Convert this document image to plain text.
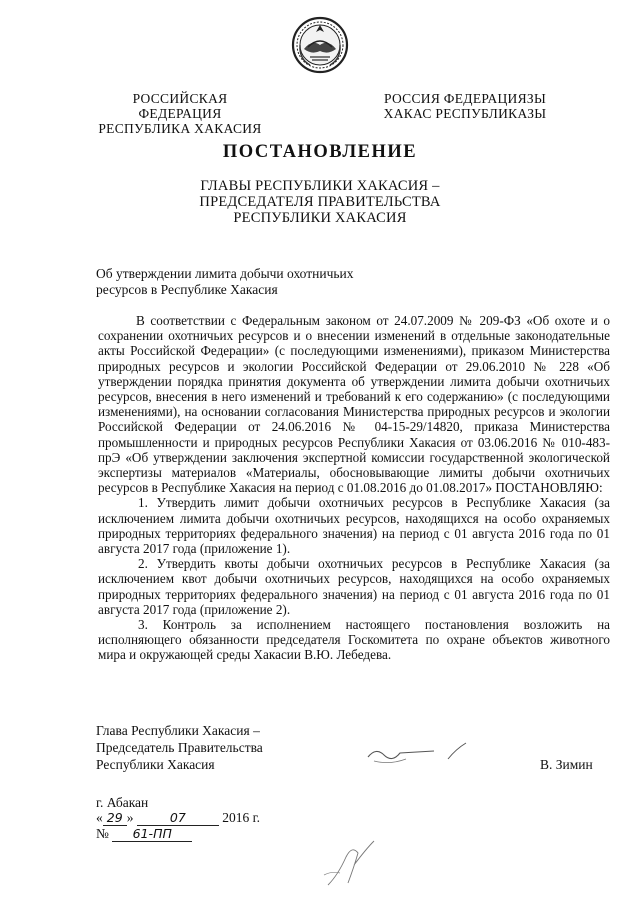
РОССИЙСКАЯ ФЕДЕРАЦИЯ
РЕСПУБЛИКА ХАКАСИЯ
РОССИЯ ФЕДЕРАЦИЯЗЫ
ХАКАС РЕСПУБЛИКАЗЫ
ПОСТАНОВЛЕНИЕ
ГЛАВЫ РЕСПУБЛИКИ ХАКАСИЯ –
ПРЕДСЕДАТЕЛЯ ПРАВИТЕЛЬСТВА
РЕСПУБЛИКИ ХАКАСИЯ
Об утверждении лимита добычи охотничьих
ресурсов в Республике Хакасия

В соответствии с Федеральным законом от 24.07.2009 № 209-ФЗ «Об охоте и о сохранении охотничьих ресурсов и о внесении изменений в отдельные законодательные акты Российской Федерации» (с последующими изменениями), приказом Министерства природных ресурсов и экологии Российской Федерации от 29.06.2010 № 228 «Об утверждении порядка принятия документа об утверждении лимита добычи охотничьих ресурсов, внесения в него изменений и требований к его содержанию» (с последующими изменениями), на основании согласования Министерства природных ресурсов и экологии Российской Федерации от 24.06.2016 № 04-15-29/14820, приказа Министерства промышленности и природных ресурсов Республики Хакасия от 03.06.2016 № 010-483-прЭ «Об утверждении заключения экспертной комиссии государственной экологической экспертизы материалов «Материалы, обосновывающие лимиты добычи охотничьих ресурсов в Республике Хакасия на период с 01.08.2016 до 01.08.2017» ПОСТАНОВЛЯЮ:

1. Утвердить лимит добычи охотничьих ресурсов в Республике Хакасия (за исключением лимита добычи охотничьих ресурсов, находящихся на особо охраняемых природных территориях федерального значения) на период с 01 августа 2016 года по 01 августа 2017 года (приложение 1).

2. Утвердить квоты добычи охотничьих ресурсов в Республике Хакасия (за исключением квот добычи охотничьих ресурсов, находящихся на особо охраняемых природных территориях федерального значения) на период с 01 августа 2016 года по 01 августа 2017 года (приложение 2).

3. Контроль за исполнением настоящего постановления возложить на исполняющего обязанности председателя Госкомитета по охране объектов животного мира и окружающей среды Хакасии В.Ю. Лебедева.

Глава Республики Хакасия –
Председатель Правительства
Республики Хакасия	В. Зимин
г. Абакан
« 29 »	07	2016 г.
№ 61-ПП
